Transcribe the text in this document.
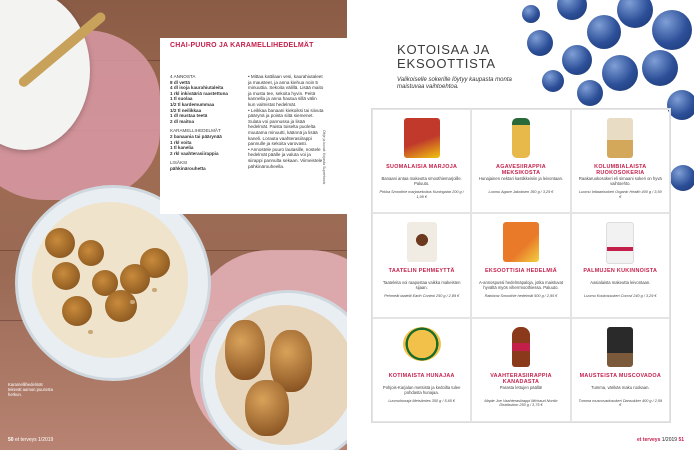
CHAI-PUURO JA KARAMELLIHEDELMÄT

4 ANNOSTA

8 dl vettä

4 dl isoja kaurahiutaleita

1 rkl inkivääriä raastettuna

1 tl suolaa

1/2 tl kardemummaa

1/2 tl neilikkaa

1 dl mustaa teetä

2 dl maitoa

KARAMELLIHEDELMÄT

2 banaania tai päärynää

1 rkl voita

1 tl kanelia

2 rkl vaahterasiirappia

LISÄKSI

pähkinärouhetta

• Mittaa kattilaan vesi, kaurahiutaleet ja mausteet, ja anna kiehua noin 5 minuuttia. Sekoita välillä. Lisää maito ja musta tee, sekoita hyvin. Peitä kannella ja anna hautua sillä välin kun valmistat hedelmät.

• Leikkaa banaani kiekoiksi tai siivuta päärynä ja poista siitä siemenet. Sulata voi pannussa ja lisää hedelmät. Paista toiselta puolelta muutama minuutti, käännä ja lisää kaneli. Lorauta vaahterasiirappi pannulle ja sekoita varovasti.

• Annostele puuro lautasille, nostele hedelmät päälle ja valuta voi ja siirappi pannulta sekaan. Viimeistele pähkinärouheella.	Ohje ja kuvat: Kirjasta Superfoods
Karamellihedelmät tekevät aamun puurosta herkun.
50 et terveys 1/2019
KOTOISAA JA EKSOOTTISTA
Valikoiselle sokerille löytyy kaupasta monta maistuvaa vaihtoehtoa.
SUOMALAISIA MARJOJA
Banaani antaa makeutta smoothiemarjoille. Paluuto.
Pirkka Smoothie marjasekoitus Kuningatar 200 g / 1,99 €
AGAVESIIRAPPIA MEKSIKOSTA
Hunajainen nektari kastikkeisiin ja leivontaan.
Luomu Agave Jakobsen 350 g / 3,29 €
KOLUMBIALAISTA RUOKOSOKERIA
Raakaruokosokeri eli simaani sokeri on hyvä vaihtoehto.
Luomu Intiaanisokeri Organic Health 400 g / 3,59 €
TAATELIN PEHMEYTTÄ
Taateleita voi raapustaa vaikka makeisten sijaan.
Pehmeät taatelit Earth Control 250 g / 2,89 €
EKSOOTTISIA HEDELMIÄ
A-annospussi hedelmäpaloja, jotka maistuvat hyvältä myös viherrmoothiessa. Paluuto.
Rainbow Smoothie hedelmät 500 g / 2,95 €
PALMUJEN KUKINNOISTA
Aasialaista makeutta leivontaan.
Luomu Kookossokeri Cocovi 240 g / 3,29 €
KOTIMAISTA HUNAJAA
Pohjois-Karjalan metsistä ja kedoilta tulee pohdasta hunajaa.
Luomuhunaja Metsämies 350 g / 5,65 €
VAAHTERASIIRAPPIA KANADASTA
Parasta lettujen päällä!
Maple Joe Vaahterasiirappi Michaud Nordic Distribution 250 g / 3,75 €
MAUSTEISTA MUSCOVADOA
Tumma, värikäs maku ruokaan.
Tumma muscovadosokeri Dansukker 400 g / 2,59 €
et terveys 1/2019 51
